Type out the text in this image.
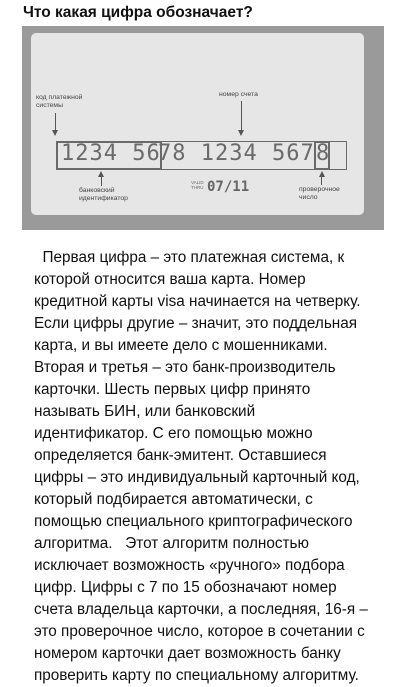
Что какая цифра обозначает?
код платежной
системы
номер счета
1234 56
78 1234 567 8
банковский
идентификатор
проверочное
число
VALID
THRU 07/11

Первая цифра – это платежная система, к

которой относится ваша карта. Номер

кредитной карты visa начинается на четверку.

Если цифры другие – значит, это поддельная

карта, и вы имеете дело с мошенниками.

Вторая и третья – это банк-производитель

карточки. Шесть первых цифр принято

называть БИН, или банковский

идентификатор. С его помощью можно

определяется банк-эмитент. Оставшиеся

цифры – это индивидуальный карточный код,

который подбирается автоматически, с

помощью специального криптографического

алгоритма.   Этот алгоритм полностью

исключает возможность «ручного» подбора

цифр. Цифры с 7 по 15 обозначают номер

счета владельца карточки, а последняя, 16-я –

это проверочное число, которое в сочетании с

номером карточки дает возможность банку

проверить карту по специальному алгоритму.
